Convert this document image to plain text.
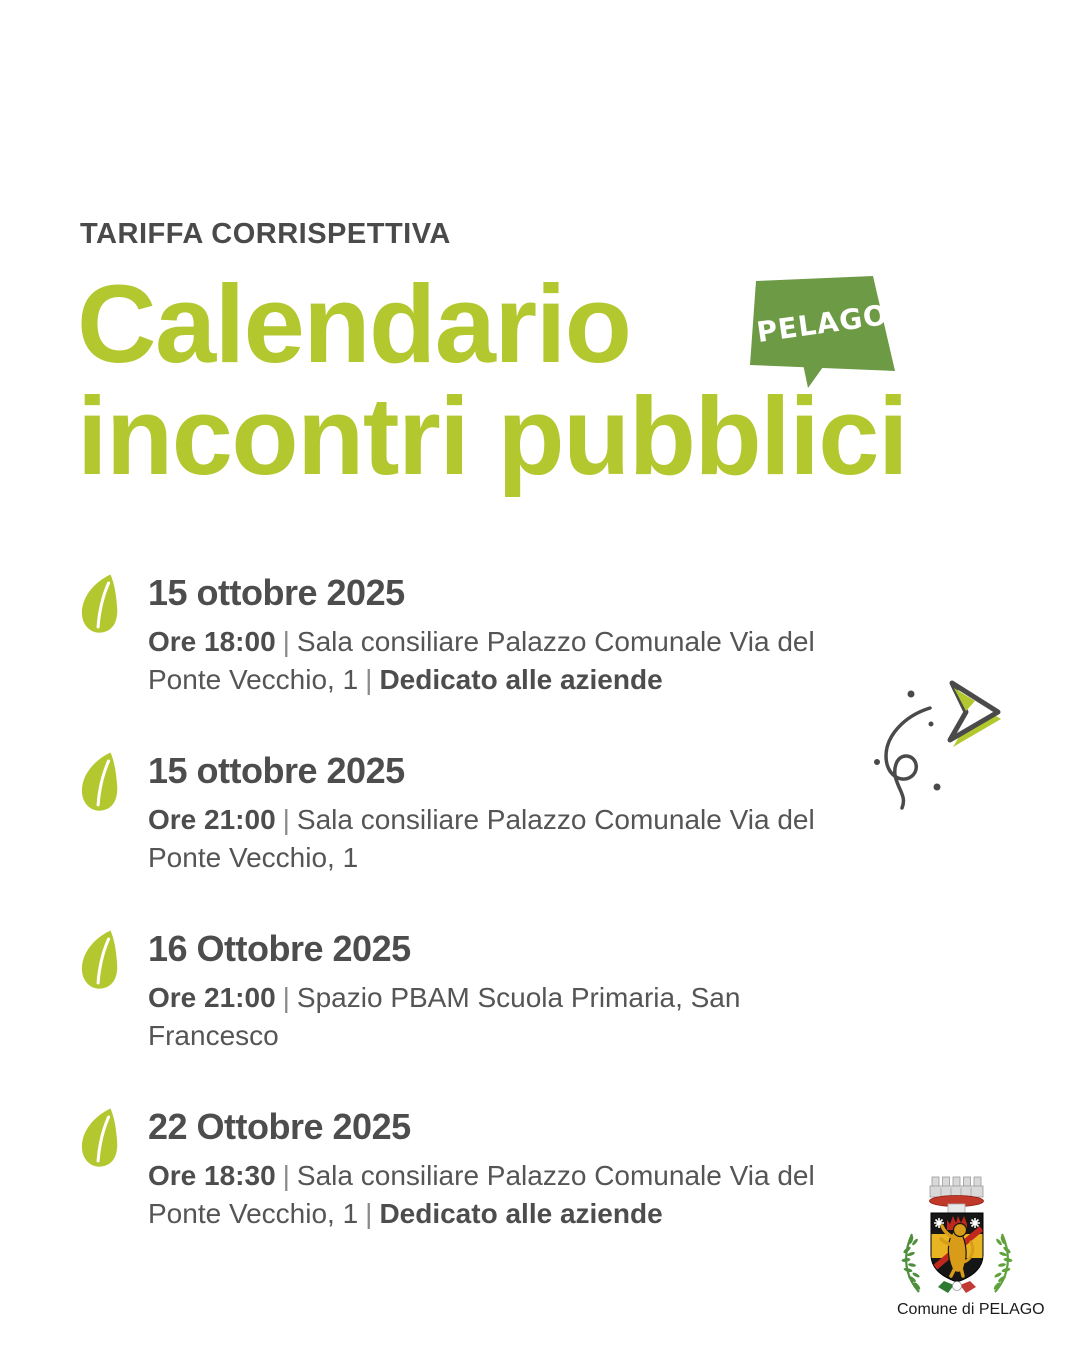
TARIFFA CORRISPETTIVA
Calendario
incontri pubblici
PELAGO
15 ottobre 2025

Ore 18:00 | Sala consiliare Palazzo Comunale Via del Ponte Vecchio, 1 | Dedicato alle aziende

15 ottobre 2025

Ore 21:00 | Sala consiliare Palazzo Comunale Via del Ponte Vecchio, 1

16 Ottobre 2025

Ore 21:00 | Spazio PBAM Scuola Primaria, San Francesco

22 Ottobre 2025

Ore 18:30 | Sala consiliare Palazzo Comunale Via del Ponte Vecchio, 1 | Dedicato alle aziende

Comune di PELAGO
